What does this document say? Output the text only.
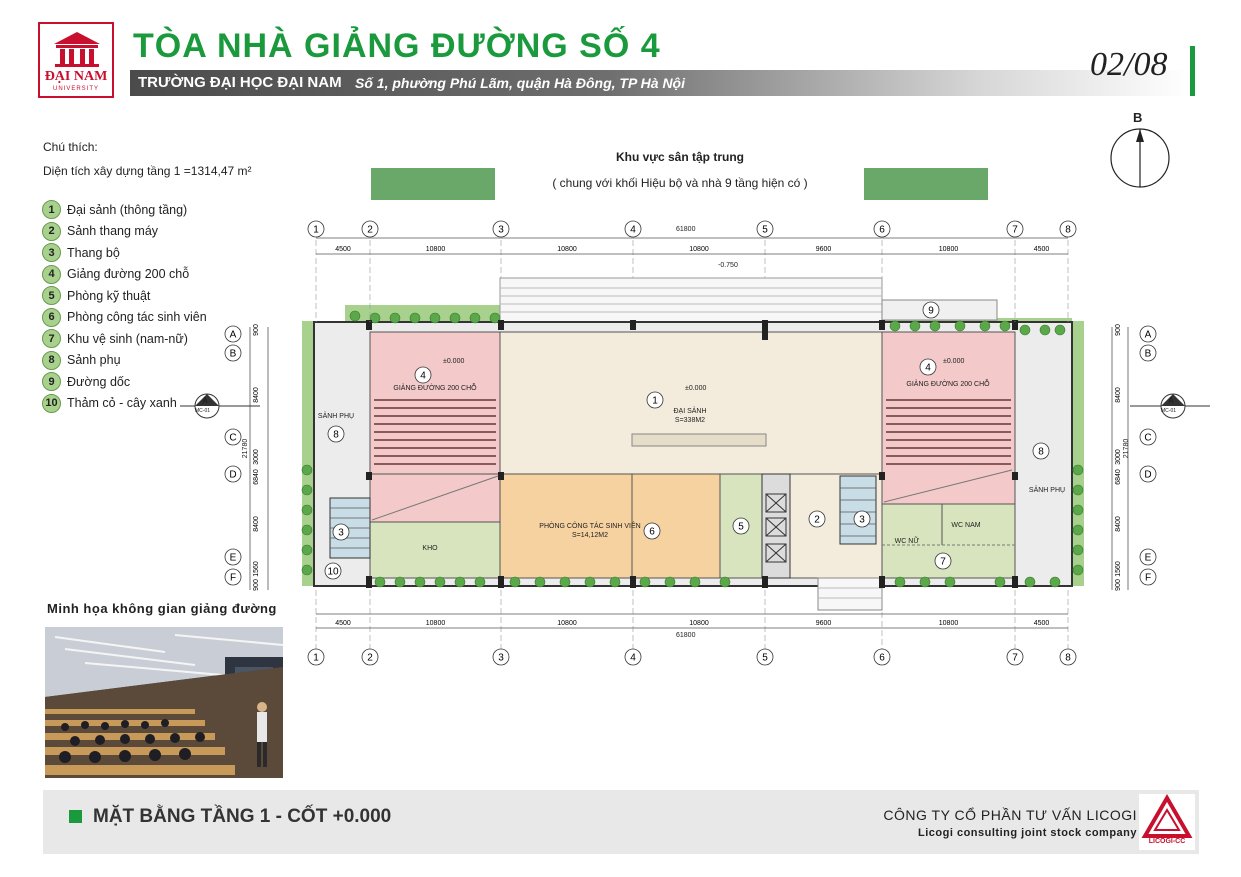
ĐẠI NAM
UNIVERSITY
TÒA NHÀ GIẢNG ĐƯỜNG SỐ 4
TRƯỜNG ĐẠI HỌC ĐẠI NAM Số 1, phường Phú Lãm, quận Hà Đông, TP Hà Nội	02/08
Chú thích:
Diện tích xây dựng tầng 1 =1314,47 m²
1 Đại sảnh (thông tầng)
2 Sảnh thang máy
3 Thang bộ
4 Giảng đường 200 chỗ
5 Phòng kỹ thuật
6 Phòng công tác sinh viên
7 Khu vệ sinh (nam-nữ)
8 Sảnh phụ
9 Đường dốc
10 Thảm cỏ - cây xanh
Khu vực sân tập trung
( chung với khối Hiệu bộ và nhà 9 tầng hiện có )
B
1
1
2
2
3
3
4
4
5
5
6
6
7
7
8
8
A	A
B	B
C	C
D	D
E	E
F	F
4500
4500
10800
10800
10800
10800
10800
10800
9600
9600
10800
10800
4500
4500
900	900
8400	8400
3000	3000
6840	6840
8400	8400
1560	1560
900	900
4
1
4
8
8
3	6	5
2	3
7
10
9
GIẢNG ĐƯỜNG 200 CHỖ
GIẢNG ĐƯỜNG 200 CHỖ
ĐẠI SẢNH
S=338M2
PHÒNG CÔNG TÁC SINH VIÊN
S=14,12M2
KHO
SẢNH PHỤ
SẢNH PHỤ
WC NỮ
WC NAM
±0.000
±0.000
±0.000
-0.750
61800
61800
21780	21780
A
MC-01
A
MC-01
Minh họa không gian giảng đường
MẶT BẰNG TẦNG 1 - CỐT +0.000	CÔNG TY CỔ PHẦN TƯ VẤN LICOGI
Licogi consulting joint stock company
LICOGI-CC
